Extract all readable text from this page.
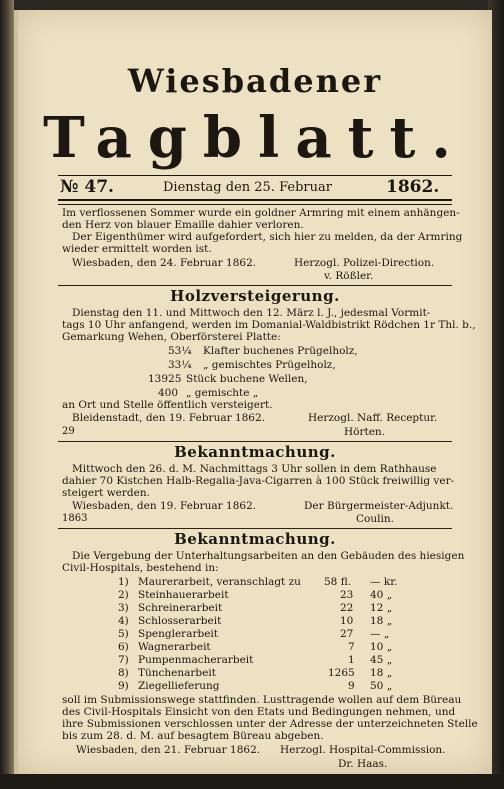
Wiesbadener
Tagblatt.
№ 47.	Dienstag den 25. Februar	1862.
Im verflossenen Sommer wurde ein goldner Armring mit einem anhängen-
den Herz von blauer Emaille dahier verloren.
Der Eigenthümer wird aufgefordert, sich hier zu melden, da der Armring
wieder ermittelt worden ist.
Wiesbaden, den 24. Februar 1862.	Herzogl. Polizei-Direction.
v. Rößler.
Holzversteigerung.
Dienstag den 11. und Mittwoch den 12. März l. J., jedesmal Vormit-
tags 10 Uhr anfangend, werden im Domanial-Waldbistrikt Rödchen 1r Thl. b.,
Gemarkung Wehen, Oberförsterei Platte:
53¼ Klafter buchenes Prügelholz,
33¼ „ gemischtes Prügelholz,
13925 Stück buchene Wellen,
400 „ gemischte „
an Ort und Stelle öffentlich versteigert.
Bleidenstadt, den 19. Februar 1862.	Herzogl. Naff. Receptur.
29	Hörten.
Bekanntmachung.
Mittwoch den 26. d. M. Nachmittags 3 Uhr sollen in dem Rathhause
dahier 70 Kistchen Halb-Regalia-Java-Cigarren à 100 Stück freiwillig ver-
steigert werden.
Wiesbaden, den 19. Februar 1862.	Der Bürgermeister-Adjunkt.
1863	Coulin.
Bekanntmachung.
Die Vergebung der Unterhaltungsarbeiten an den Gebäuden des hiesigen
Civil-Hospitals, bestehend in:
1) Maurerarbeit, veranschlagt zu 58 fl. — kr.
2) Steinhauerarbeit	23 40 „
3) Schreinerarbeit	22 12 „
4) Schlosserarbeit	10 18 „
5) Spenglerarbeit	27 — „
6) Wagnerarbeit	7 10 „
7) Pumpenmacherarbeit	1 45 „
8) Tünchenarbeit	1265 18 „
9) Ziegellieferung	9 50 „
soll im Submissionswege stattfinden. Lusttragende wollen auf dem Büreau
des Civil-Hospitals Einsicht von den Etats und Bedingungen nehmen, und
ihre Submissionen verschlossen unter der Adresse der unterzeichneten Stelle
bis zum 28. d. M. auf besagtem Büreau abgeben.
Wiesbaden, den 21. Februar 1862. Herzogl. Hospital-Commission.
Dr. Haas.
